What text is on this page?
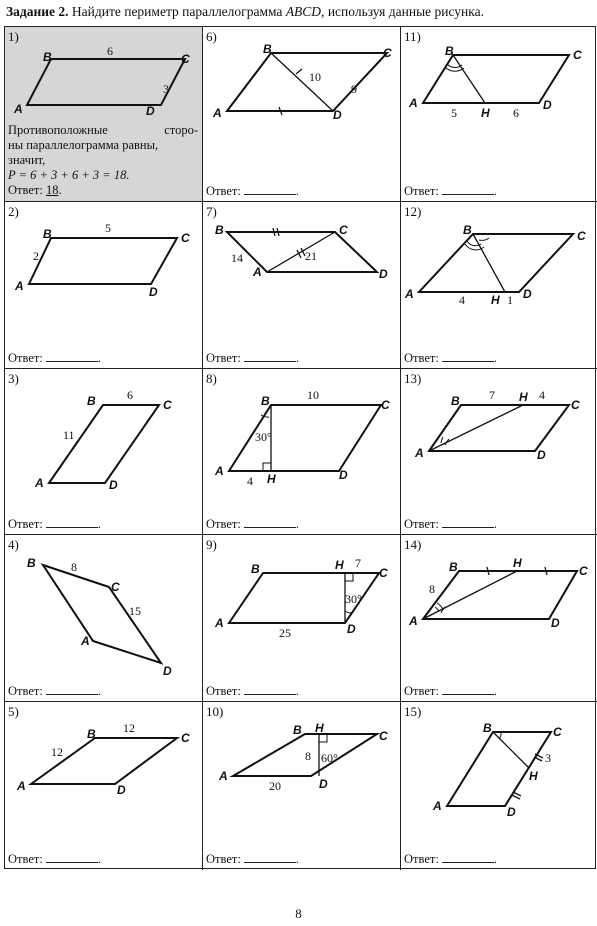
Задание 2. Найдите периметр параллелограмма ABCD, используя данные рисунка.
1)
A
B	C
D
6
3
Противоположные сторо-
ны параллелограмма равны,
значит,
P = 6 + 3 + 6 + 3 = 18.
Ответ: 18.
6)
A
B	C
D
10
9
Ответ:	.
11)
A
B	C
D
H
5	6
Ответ:	.
2)
A
B	C
D
5
2
Ответ:	.
7)
B	C
D
A
14	21
Ответ:	.
12)
A
B	C
D
H
4	1
Ответ:	.
3)
A
B	C
D
6
11
Ответ:	.
8)
A
B	C
D
H
10
30°
4
Ответ:	.
13)
A
B	C
D
H
7	4
Ответ:	.
4)
B
C
D
A
8
15
Ответ:	.
9)
A
B	C
D
H 7
30°
25
Ответ:	.
14)
A
B	C
D
H
8
Ответ:	.
5)
A
B	C
D
12
12
Ответ:	.
10)
A
B	C
D
H
8 60°
20
Ответ:	.
15)
A
B	C
D
H
3
Ответ:	.
8
